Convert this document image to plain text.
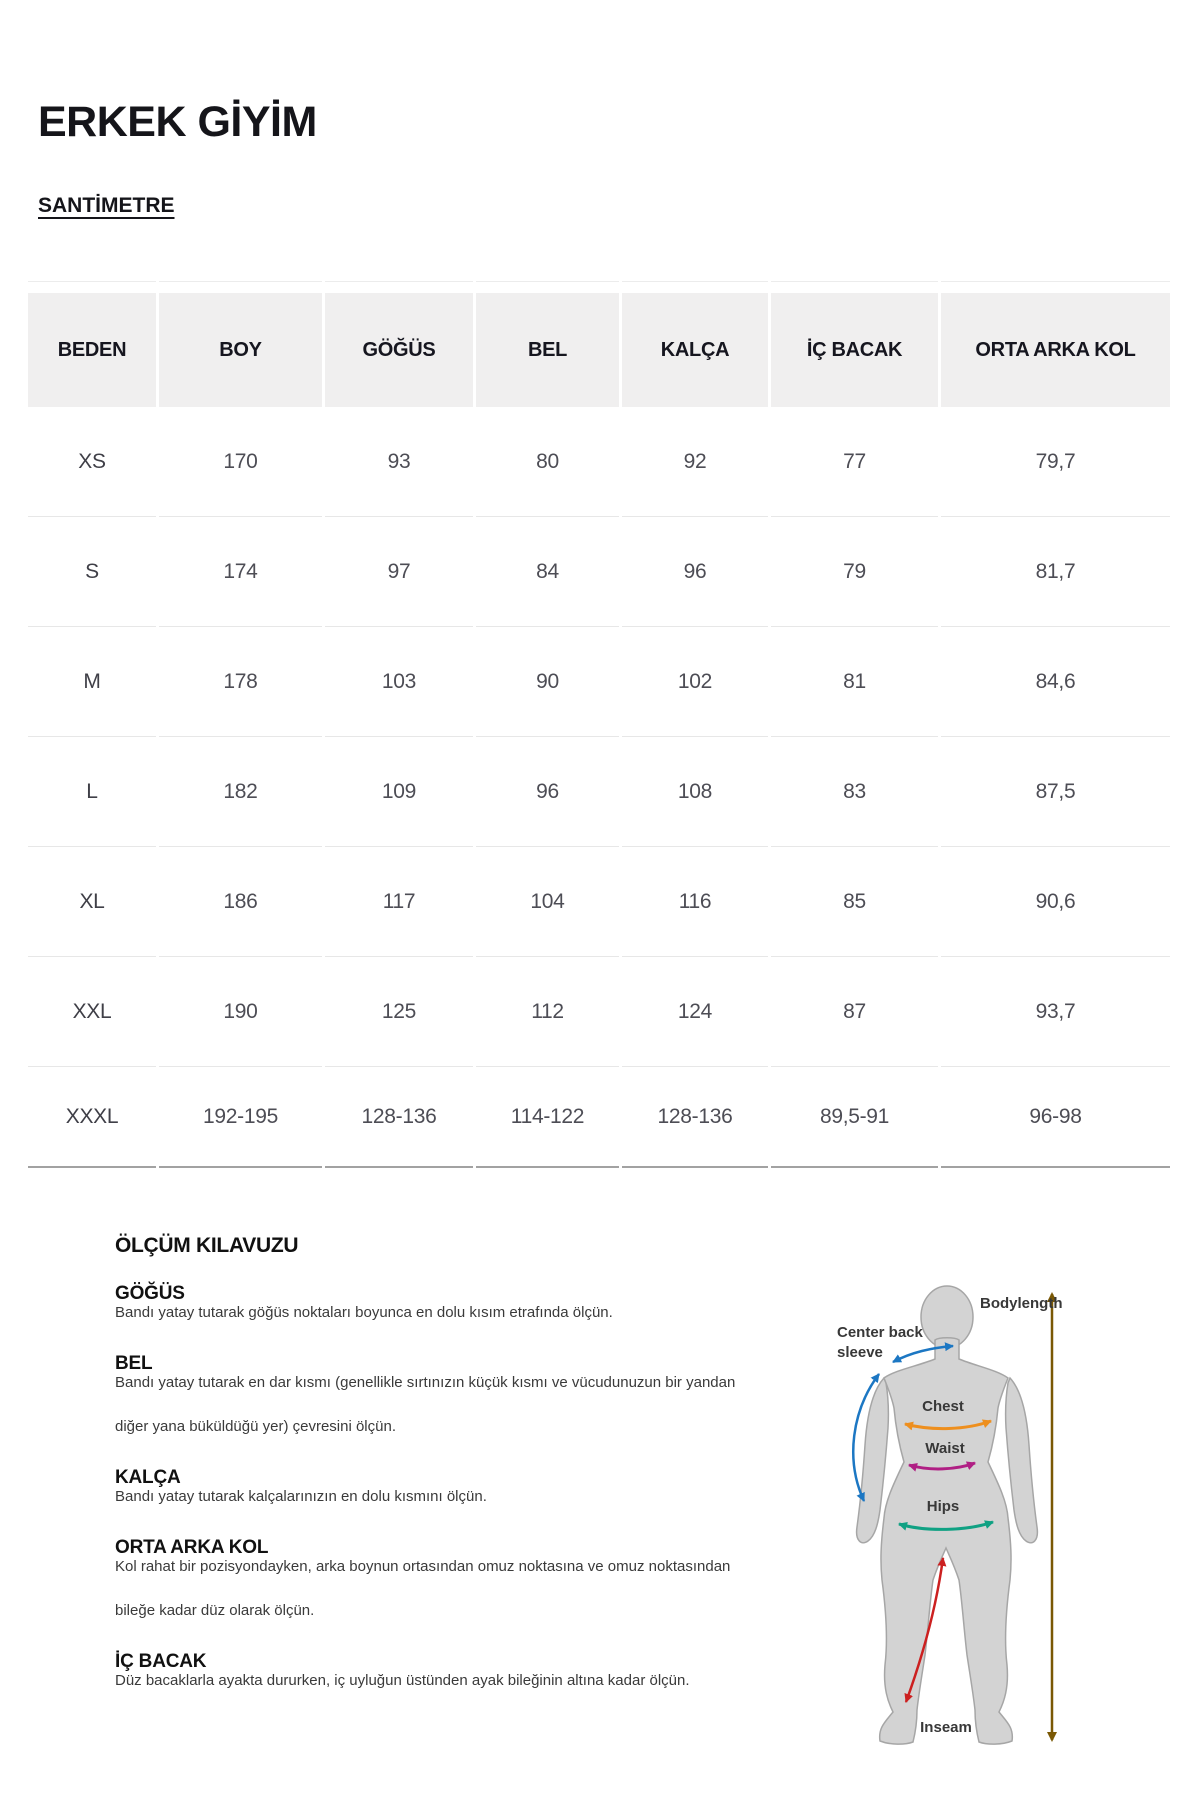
ERKEK GİYİM
SANTİMETRE
BEDEN	BOY	GÖĞÜS	BEL	KALÇA	İÇ BACAK	ORTA ARKA KOL
XS	170	93	80	92	77	79,7
S	174	97	84	96	79	81,7
M	178	103	90	102	81	84,6
L	182	109	96	108	83	87,5
XL	186	117	104	116	85	90,6
XXL	190	125	112	124	87	93,7
XXXL	192-195	128-136	114-122	128-136	89,5-91	96-98
ÖLÇÜM KILAVUZU
GÖĞÜS

Bandı yatay tutarak göğüs noktaları boyunca en dolu kısım etrafında ölçün.

BEL

Bandı yatay tutarak en dar kısmı (genellikle sırtınızın küçük kısmı ve vücudunuzun bir yandan diğer yana büküldüğü yer) çevresini ölçün.

KALÇA

Bandı yatay tutarak kalçalarınızın en dolu kısmını ölçün.

ORTA ARKA KOL

Kol rahat bir pozisyondayken, arka boynun ortasından omuz noktasına ve omuz noktasından bileğe kadar düz olarak ölçün.

İÇ BACAK

Düz bacaklarla ayakta dururken, iç uyluğun üstünden ayak bileğinin altına kadar ölçün.

Center back
sleeve
Bodylength
Chest
Waist
Hips
Inseam
